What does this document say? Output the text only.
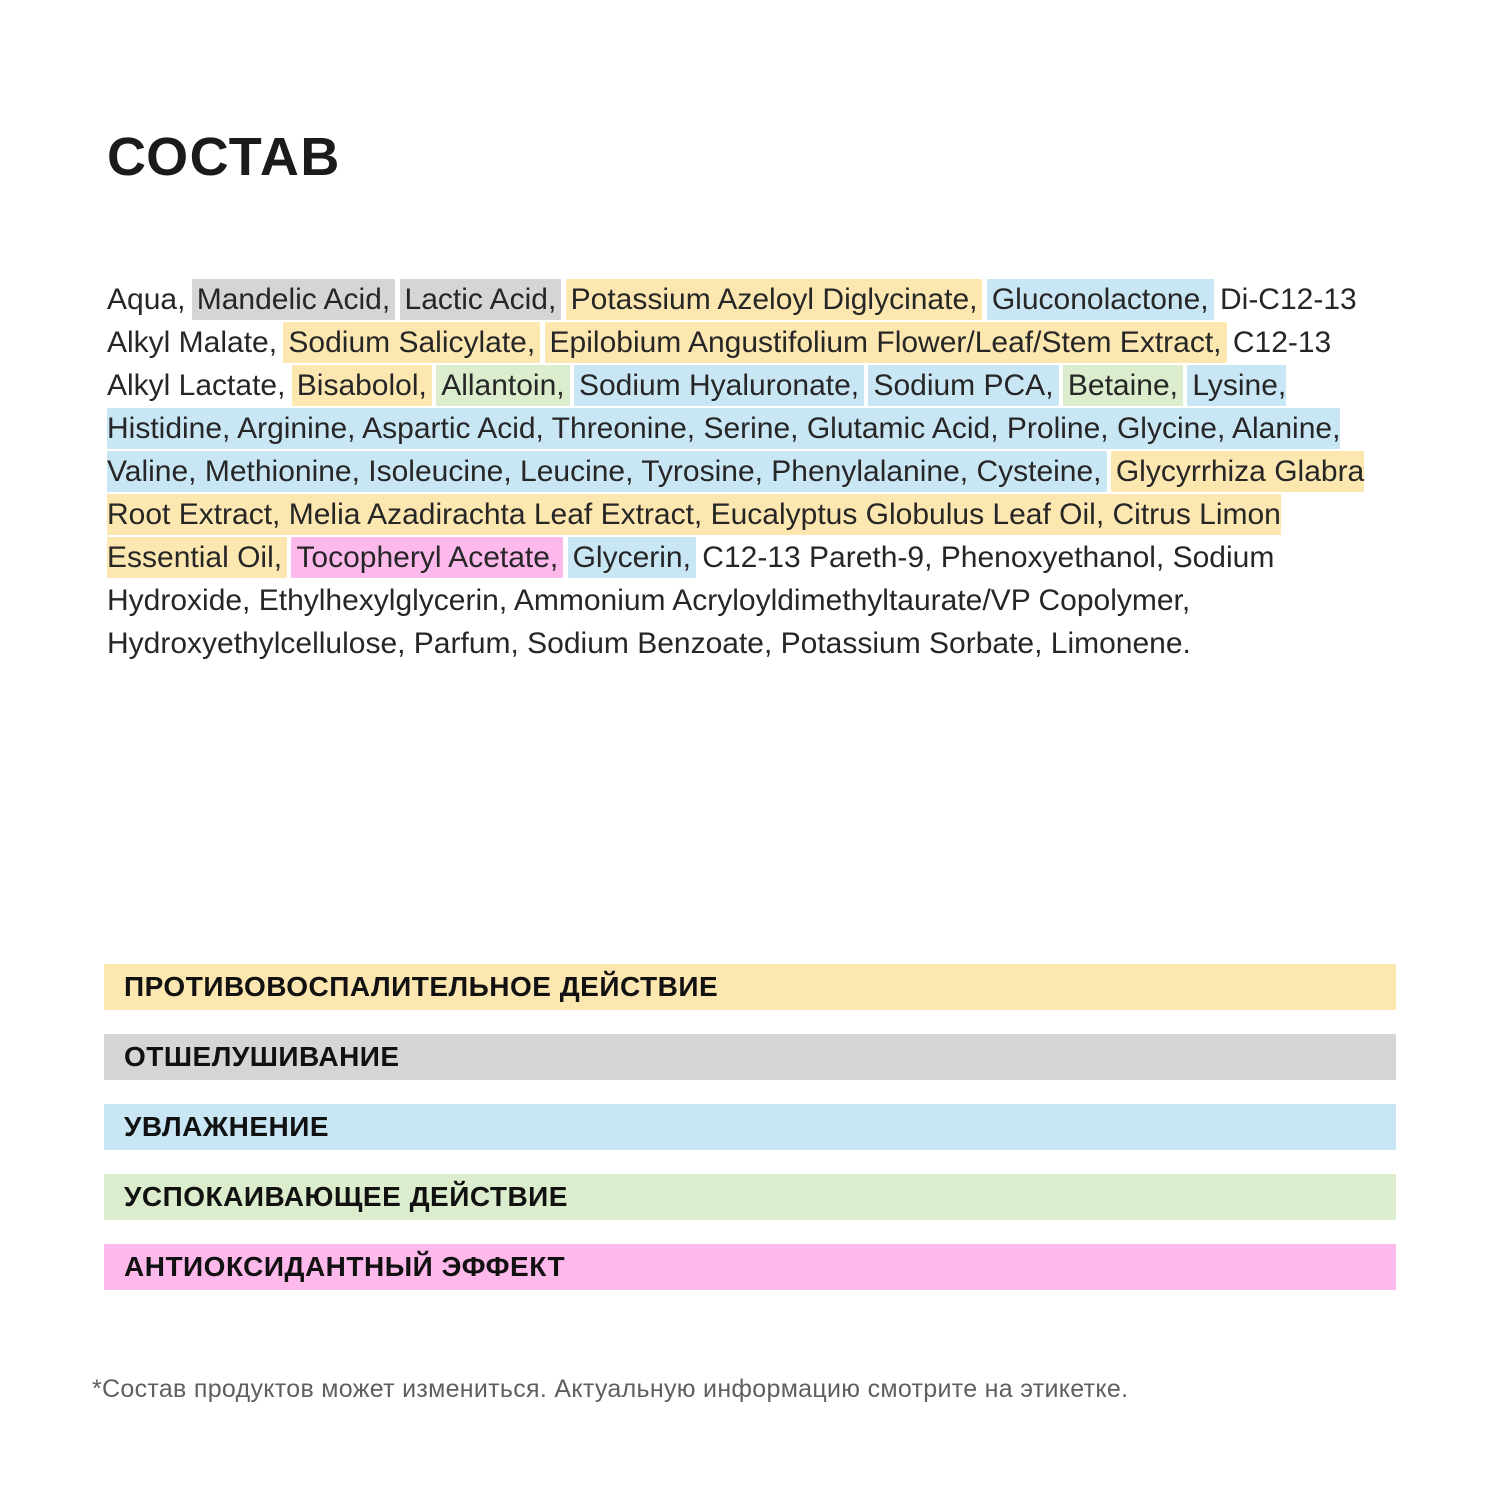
СОСТАВ

Aqua, Mandelic Acid, Lactic Acid, Potassium Azeloyl Diglycinate, Gluconolactone, Di-C12-13 Alkyl Malate, Sodium Salicylate, Epilobium Angustifolium Flower/Leaf/Stem Extract, C12-13 Alkyl Lactate, Bisabolol, Allantoin, Sodium Hyaluronate, Sodium PCA, Betaine, Lysine, Histidine, Arginine, Aspartic Acid, Threonine, Serine, Glutamic Acid, Proline, Glycine, Alanine, Valine, Methionine, Isoleucine, Leucine, Tyrosine, Phenylalanine, Cysteine, Glycyrrhiza Glabra Root Extract, Melia Azadirachta Leaf Extract, Eucalyptus Globulus Leaf Oil, Citrus Limon Essential Oil, Tocopheryl Acetate, Glycerin, C12-13 Pareth-9, Phenoxyethanol, Sodium Hydroxide, Ethylhexylglycerin, Ammonium Acryloyldimethyltaurate/VP Copolymer, Hydroxyethylcellulose, Parfum, Sodium Benzoate, Potassium Sorbate, Limonene.

ПРОТИВОВОСПАЛИТЕЛЬНОЕ ДЕЙСТВИЕ
ОТШЕЛУШИВАНИЕ
УВЛАЖНЕНИЕ
УСПОКАИВАЮЩЕЕ ДЕЙСТВИЕ
АНТИОКСИДАНТНЫЙ ЭФФЕКТ

*Состав продуктов может измениться. Актуальную информацию смотрите на этикетке.
